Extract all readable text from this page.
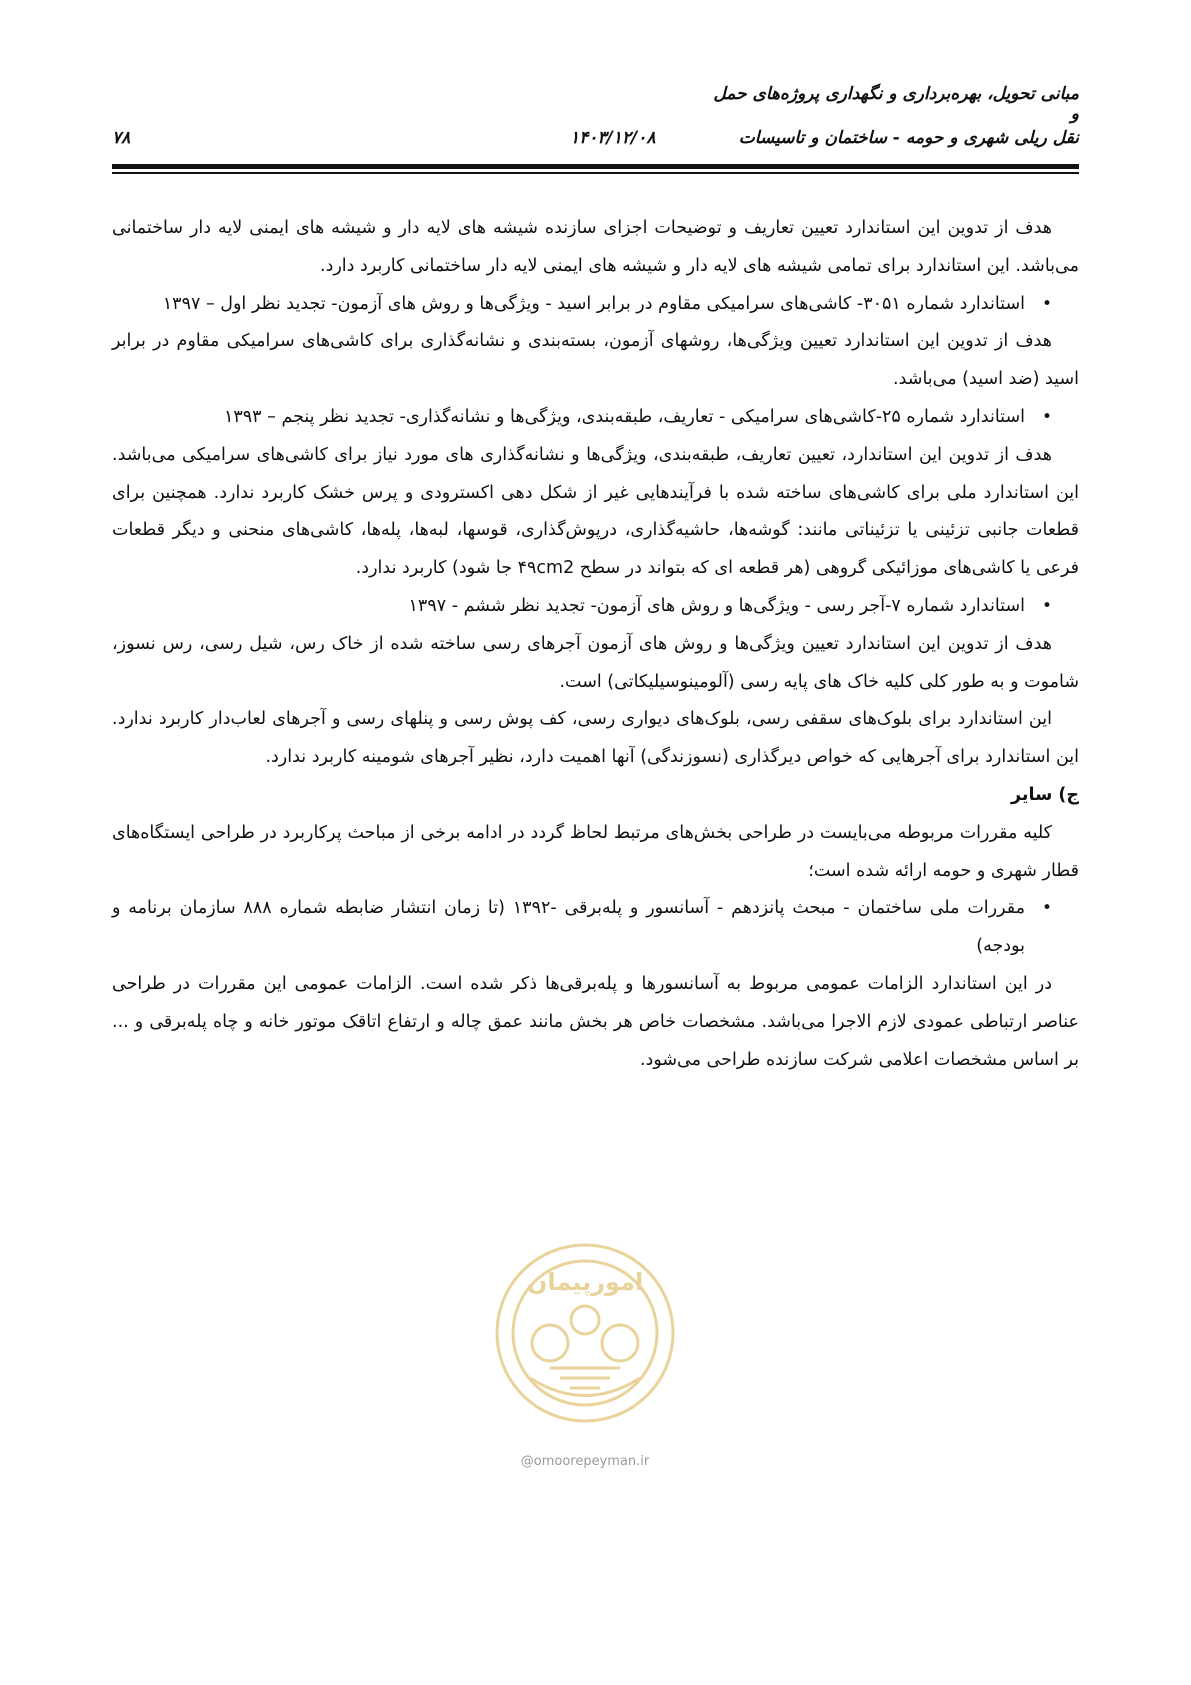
مبانی تحویل، بهره‌برداری و نگهداری پروژه‌های حمل و
نقل ریلی شهری و حومه - ساختمان و تاسیسات
۱۴۰۳/۱۲/۰۸
۷۸

هدف از تدوین این استاندارد تعیین تعاریف و توضیحات اجزای سازنده شیشه های لایه دار و شیشه های ایمنی لایه دار ساختمانی می‌باشد. این استاندارد برای تمامی شیشه های لایه دار و شیشه های ایمنی لایه دار ساختمانی کاربرد دارد.

• استاندارد شماره ۳۰۵۱- کاشی‌های سرامیکی مقاوم در برابر اسید - ویژگی‌ها و روش های آزمون- تجدید نظر اول – ۱۳۹۷

هدف از تدوین این استاندارد تعیین ویژگی‌ها، روشهای آزمون، بسته‌بندی و نشانه‌گذاری برای کاشی‌های سرامیکی مقاوم در برابر اسید (ضد اسید) می‌باشد.

• استاندارد شماره ۲۵-کاشی‌های سرامیکی - تعاریف، طبقه‌بندی، ویژگی‌ها و نشانه‌گذاری- تجدید نظر پنجم – ۱۳۹۳

هدف از تدوین این استاندارد، تعیین تعاریف، طبقه‌بندی، ویژگی‌ها و نشانه‌گذاری های مورد نیاز برای کاشی‌های سرامیکی می‌باشد. این استاندارد ملی برای کاشی‌های ساخته شده با فرآیندهایی غیر از شکل دهی اکسترودی و پرس خشک کاربرد ندارد. همچنین برای قطعات جانبی تزئینی یا تزئیناتی مانند: گوشه‌ها، حاشیه‌گذاری، درپوش‌گذاری، قوسها، لبه‌ها، پله‌ها، کاشی‌های منحنی و دیگر قطعات فرعی یا کاشی‌های موزائیکی گروهی (هر قطعه ای که بتواند در سطح ۴۹cm2 جا شود) کاربرد ندارد.

• استاندارد شماره ۷-آجر رسی - ویژگی‌ها و روش های آزمون- تجدید نظر ششم - ۱۳۹۷

هدف از تدوین این استاندارد تعیین ویژگی‌ها و روش های آزمون آجرهای رسی ساخته شده از خاک رس، شیل رسی، رس نسوز، شاموت و به طور کلی کلیه خاک های پایه رسی (آلومینوسیلیکاتی) است.

این استاندارد برای بلوک‌های سقفی رسی، بلوک‌های دیواری رسی، کف پوش رسی و پنلهای رسی و آجرهای لعاب‌دار کاربرد ندارد. این استاندارد برای آجرهایی که خواص دیرگذاری (نسوزندگی) آنها اهمیت دارد، نظیر آجرهای شومینه کاربرد ندارد.

ج) سایر

کلیه مقررات مربوطه می‌بایست در طراحی بخش‌های مرتبط لحاظ گردد در ادامه برخی از مباحث پرکاربرد در طراحی ایستگاه‌های قطار شهری و حومه ارائه شده است؛

• مقررات ملی ساختمان - مبحث پانزدهم - آسانسور و پله‌برقی -۱۳۹۲ (تا زمان انتشار ضابطه شماره ۸۸۸ سازمان برنامه و بودجه)

در این استاندارد الزامات عمومی مربوط به آسانسورها و پله‌برقی‌ها ذکر شده است. الزامات عمومی این مقررات در طراحی عناصر ارتباطی عمودی لازم الاجرا می‌باشد. مشخصات خاص هر بخش مانند عمق چاله و ارتفاع اتاقک موتور خانه و چاه پله‌برقی و ... بر اساس مشخصات اعلامی شرکت سازنده طراحی می‌شود.

امورپیمان
@omoorepeyman.ir
